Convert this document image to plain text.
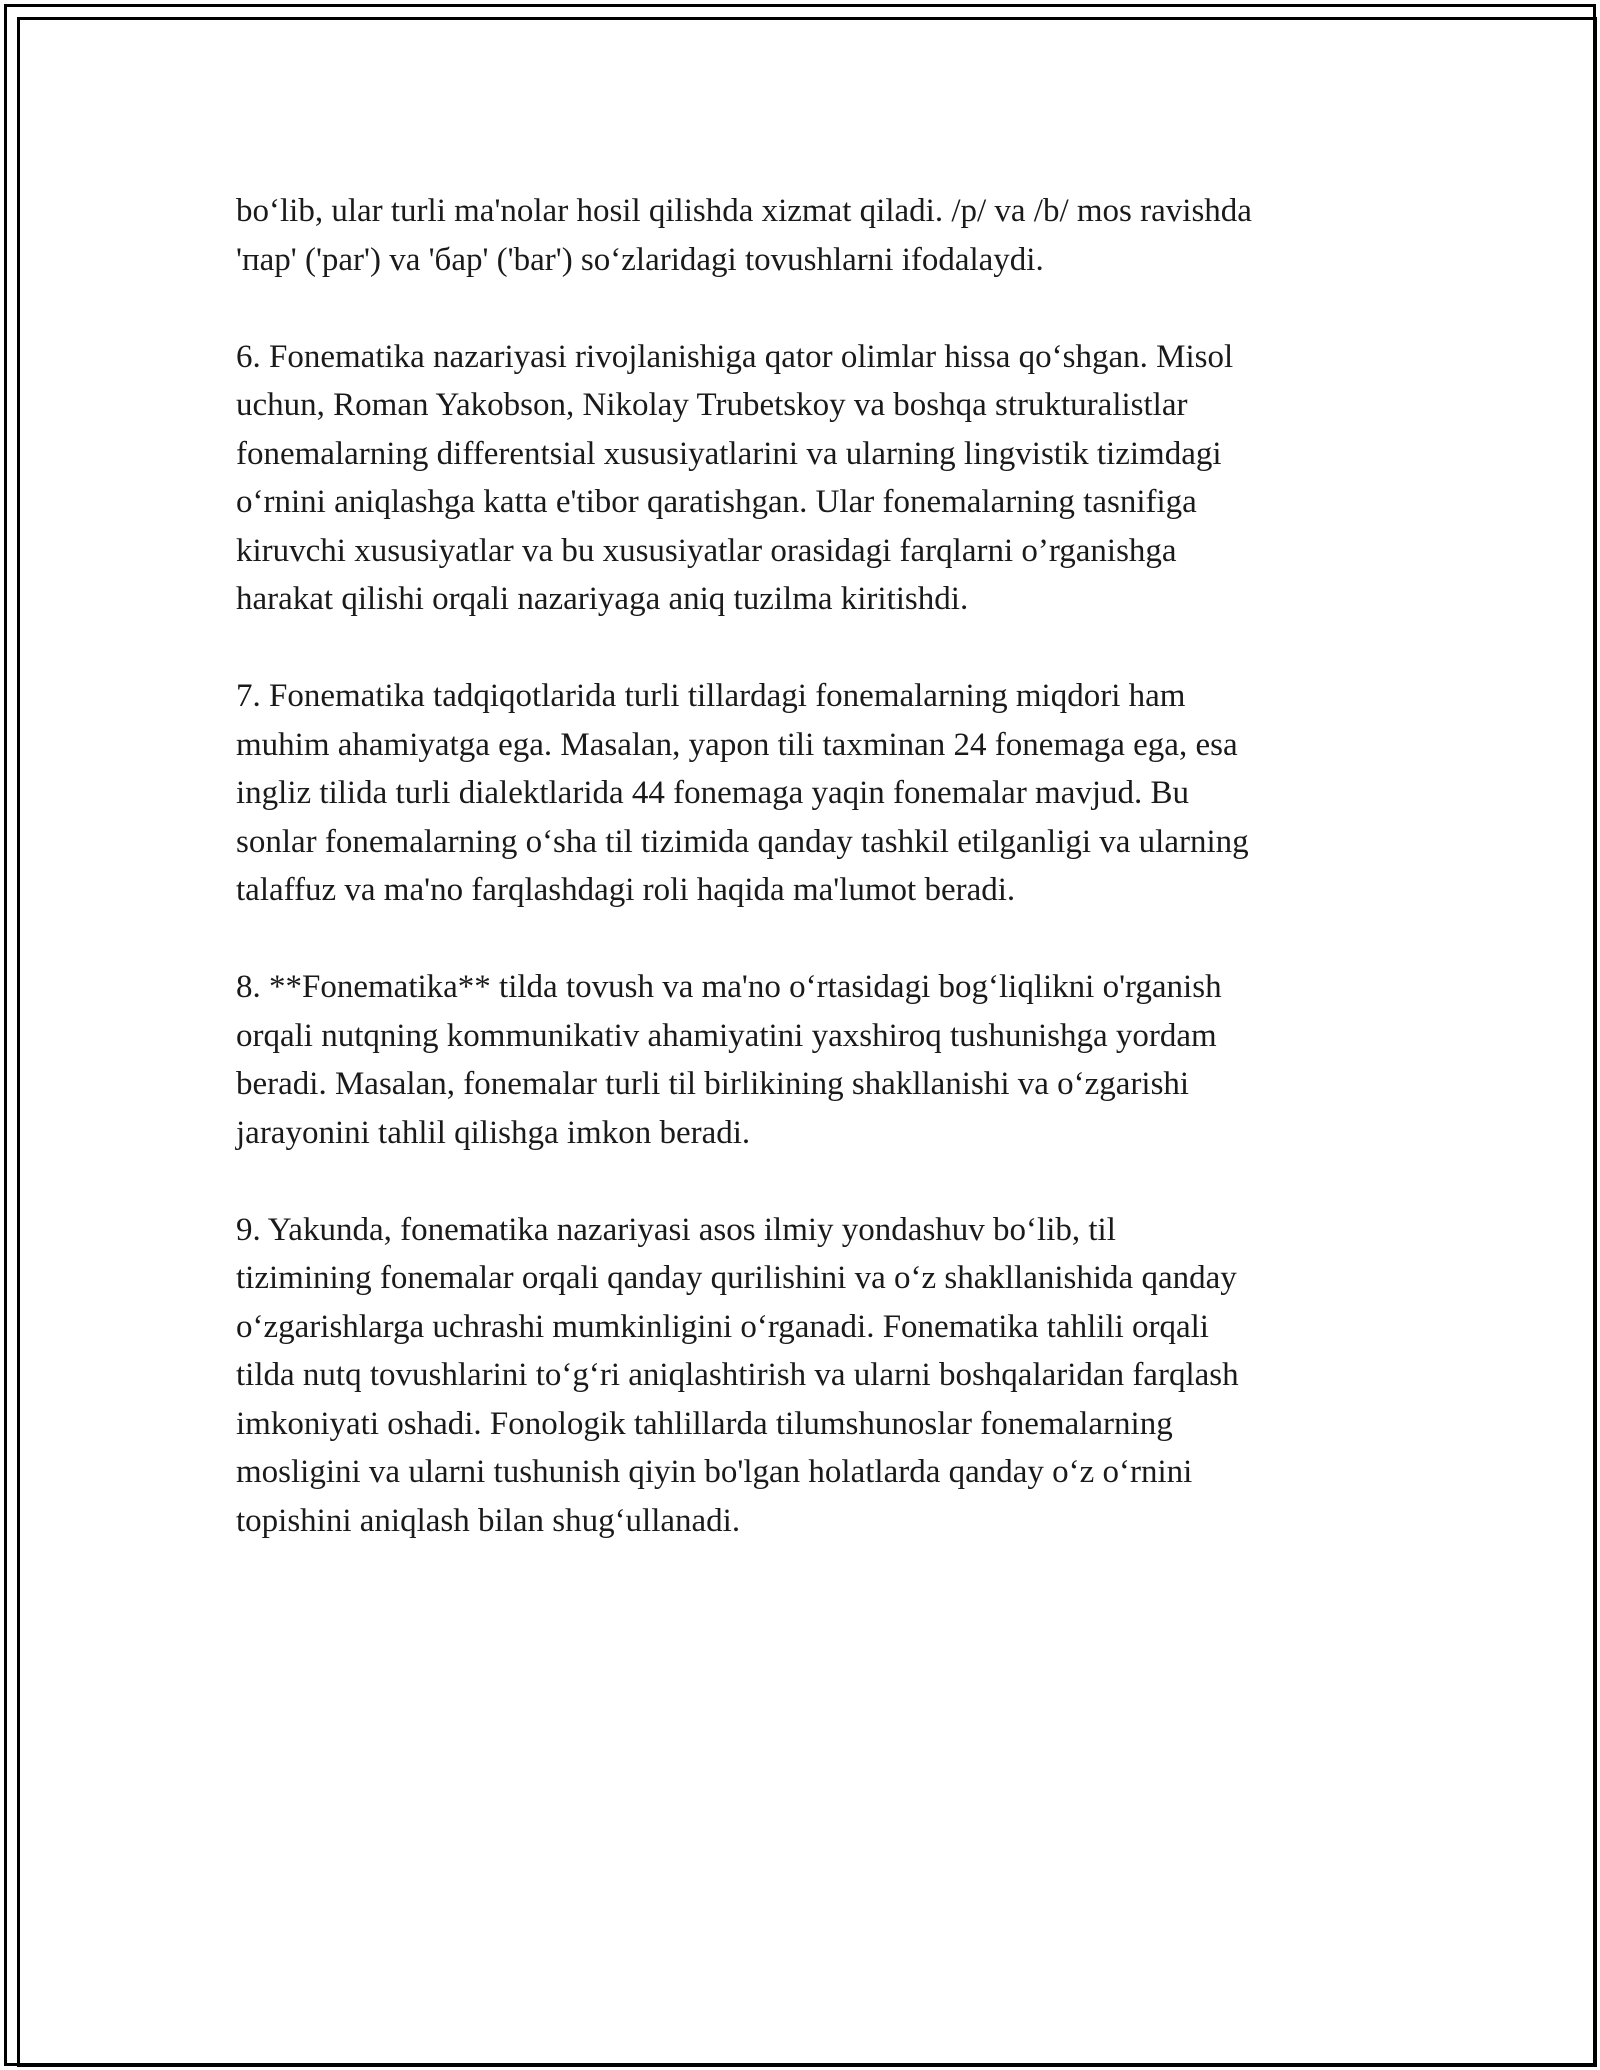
bo‘lib, ular turli ma'nolar hosil qilishda xizmat qiladi. /p/ va /b/ mos ravishda
'пар' ('par') va 'бар' ('bar') so‘zlaridagi tovushlarni ifodalaydi.

6. Fonematika nazariyasi rivojlanishiga qator olimlar hissa qo‘shgan. Misol
uchun, Roman Yakobson, Nikolay Trubetskoy va boshqa strukturalistlar
fonemalarning differentsial xususiyatlarini va ularning lingvistik tizimdagi
o‘rnini aniqlashga katta e'tibor qaratishgan. Ular fonemalarning tasnifiga
kiruvchi xususiyatlar va bu xususiyatlar orasidagi farqlarni o’rganishga
harakat qilishi orqali nazariyaga aniq tuzilma kiritishdi.

7. Fonematika tadqiqotlarida turli tillardagi fonemalarning miqdori ham
muhim ahamiyatga ega. Masalan, yapon tili taxminan 24 fonemaga ega, esa
ingliz tilida turli dialektlarida 44 fonemaga yaqin fonemalar mavjud. Bu
sonlar fonemalarning o‘sha til tizimida qanday tashkil etilganligi va ularning
talaffuz va ma'no farqlashdagi roli haqida ma'lumot beradi.

8. **Fonematika** tilda tovush va ma'no o‘rtasidagi bog‘liqlikni o'rganish
orqali nutqning kommunikativ ahamiyatini yaxshiroq tushunishga yordam
beradi. Masalan, fonemalar turli til birlikining shakllanishi va o‘zgarishi
jarayonini tahlil qilishga imkon beradi.

9. Yakunda, fonematika nazariyasi asos ilmiy yondashuv bo‘lib, til
tizimining fonemalar orqali qanday qurilishini va o‘z shakllanishida qanday
o‘zgarishlarga uchrashi mumkinligini o‘rganadi. Fonematika tahlili orqali
tilda nutq tovushlarini to‘g‘ri aniqlashtirish va ularni boshqalaridan farqlash
imkoniyati oshadi. Fonologik tahlillarda tilumshunoslar fonemalarning
mosligini va ularni tushunish qiyin bo'lgan holatlarda qanday o‘z o‘rnini
topishini aniqlash bilan shug‘ullanadi.
